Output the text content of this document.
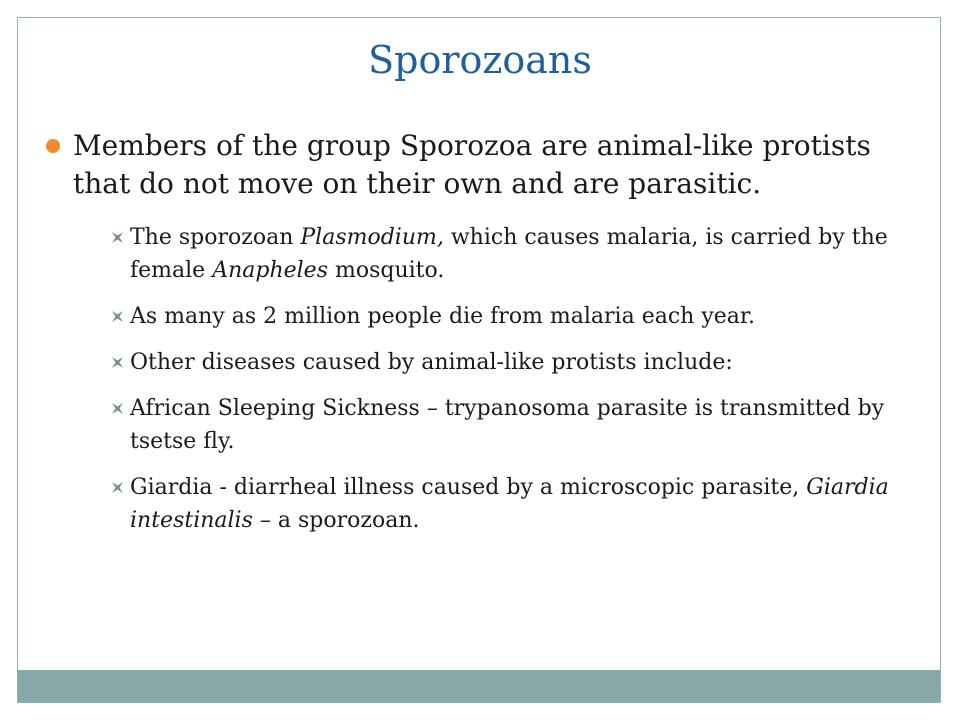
Sporozoans
Members of the group Sporozoa are animal-like protists that do not move on their own and are parasitic.
The sporozoan Plasmodium, which causes malaria, is carried by the female Anapheles mosquito.
As many as 2 million people die from malaria each year.
Other diseases caused by animal-like protists include:
African Sleeping Sickness – trypanosoma parasite is transmitted by tsetse fly.
Giardia - diarrheal illness caused by a microscopic parasite, Giardia intestinalis – a sporozoan.
